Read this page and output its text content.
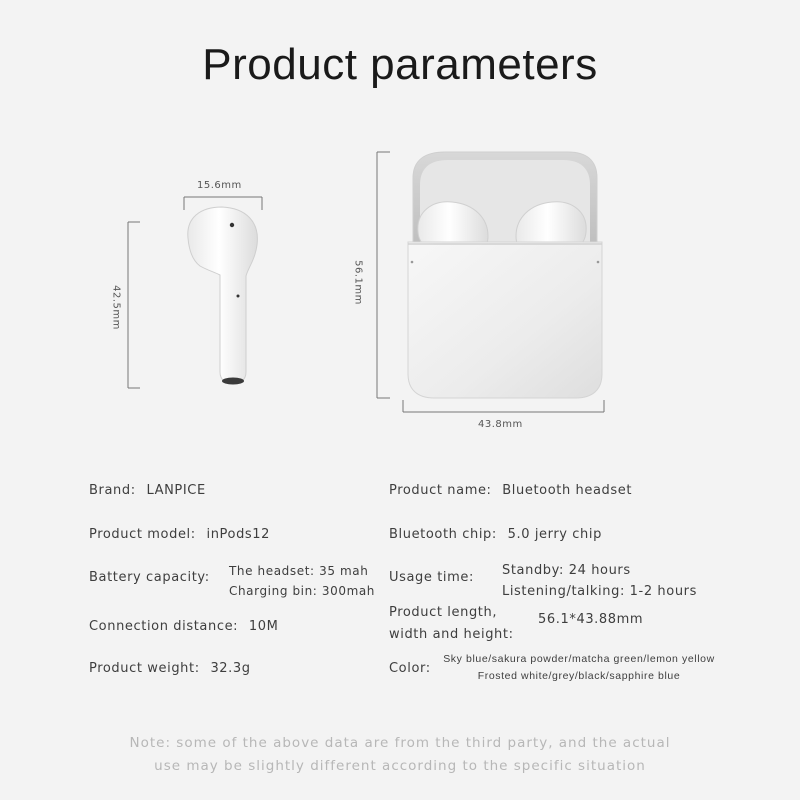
Product parameters
15.6mm
42.5mm
56.1mm
43.8mm
Brand: LANPICE
Product model: inPods12
Battery capacity: The headset: 35 mah
Charging bin: 300mah
Connection distance: 10M
Product weight: 32.3g
Product name: Bluetooth headset
Bluetooth chip: 5.0 jerry chip
Usage time: Standby: 24 hours
Listening/talking: 1-2 hours
Product length,
width and height:
56.1*43.88mm
Color:
Sky blue/sakura powder/matcha green/lemon yellow
Frosted white/grey/black/sapphire blue
Note: some of the above data are from the third party, and the actual
use may be slightly different according to the specific situation
